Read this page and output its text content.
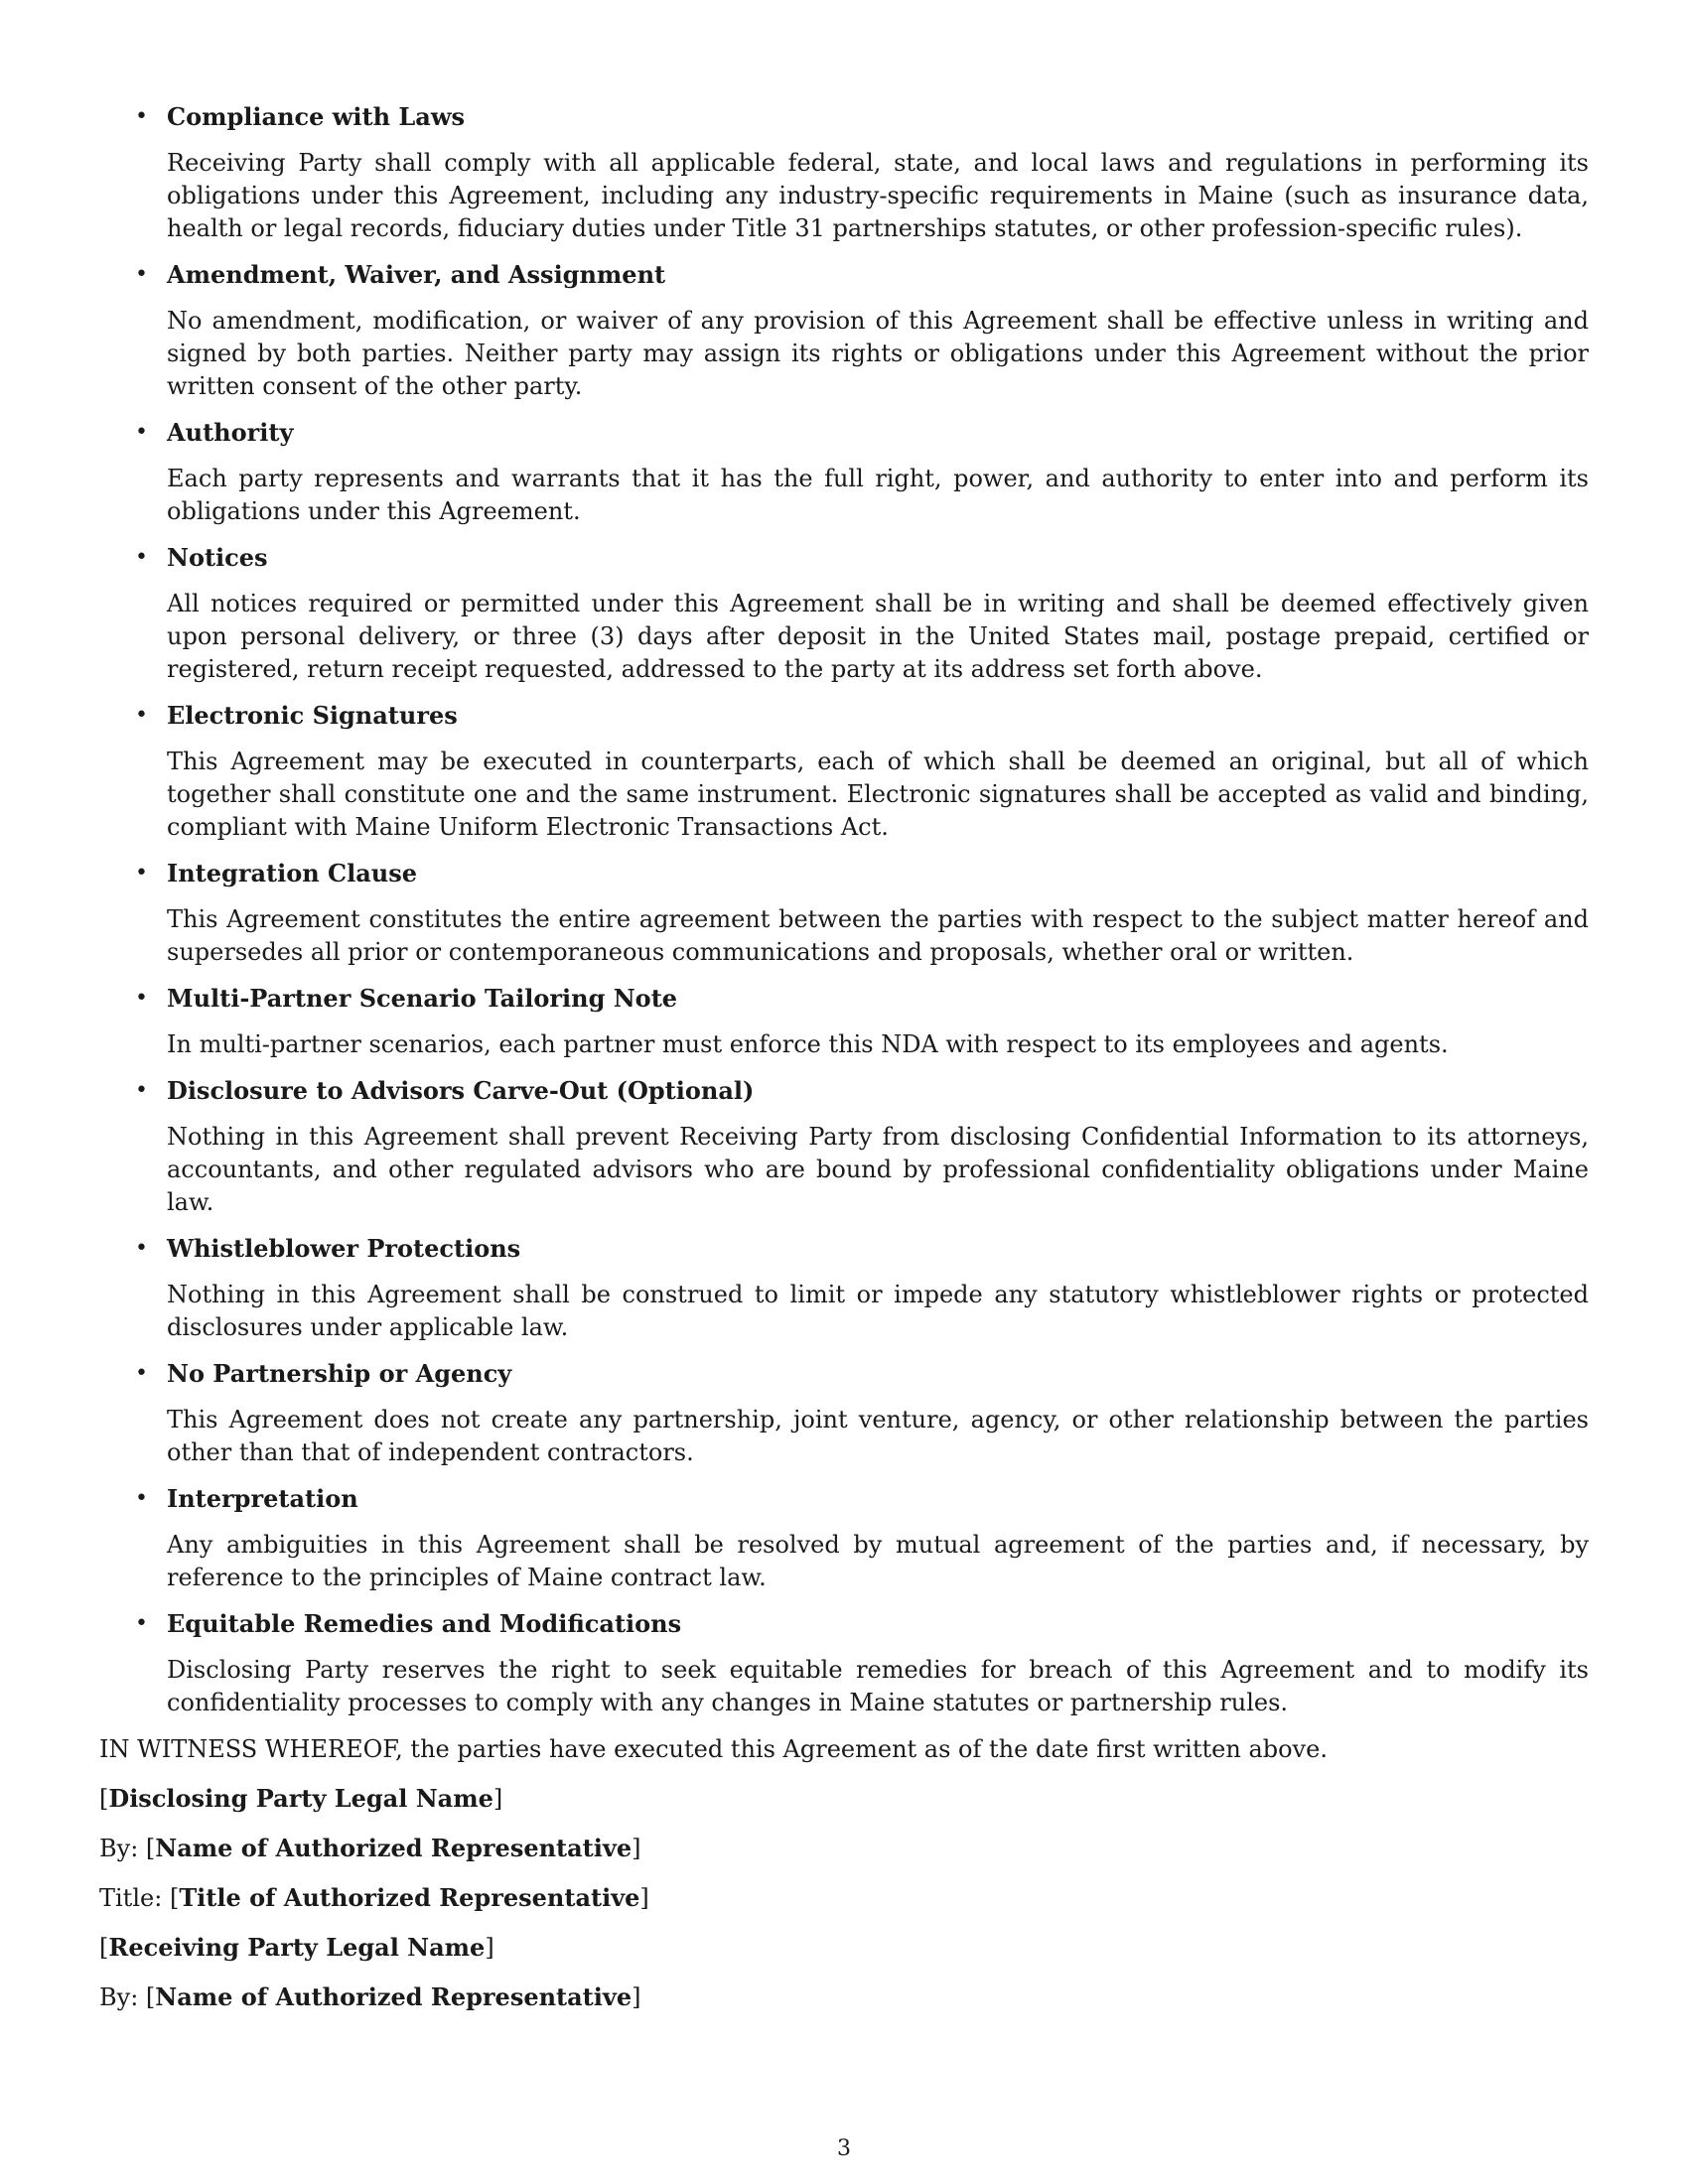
• Compliance with Laws

Receiving Party shall comply with all applicable federal, state, and local laws and regulations in performing its obligations under this Agreement, including any industry-specific requirements in Maine (such as insurance data, health or legal records, fiduciary duties under Title 31 partnerships statutes, or other profession-specific rules).

• Amendment, Waiver, and Assignment

No amendment, modification, or waiver of any provision of this Agreement shall be effective unless in writing and signed by both parties. Neither party may assign its rights or obligations under this Agreement without the prior written consent of the other party.

• Authority

Each party represents and warrants that it has the full right, power, and authority to enter into and perform its obligations under this Agreement.

• Notices

All notices required or permitted under this Agreement shall be in writing and shall be deemed effectively given upon personal delivery, or three (3) days after deposit in the United States mail, postage prepaid, certified or registered, return receipt requested, addressed to the party at its address set forth above.

• Electronic Signatures

This Agreement may be executed in counterparts, each of which shall be deemed an original, but all of which together shall constitute one and the same instrument. Electronic signatures shall be accepted as valid and binding, compliant with Maine Uniform Electronic Transactions Act.

• Integration Clause

This Agreement constitutes the entire agreement between the parties with respect to the subject matter hereof and supersedes all prior or contemporaneous communications and proposals, whether oral or written.

• Multi-Partner Scenario Tailoring Note

In multi-partner scenarios, each partner must enforce this NDA with respect to its employees and agents.

• Disclosure to Advisors Carve-Out (Optional)

Nothing in this Agreement shall prevent Receiving Party from disclosing Confidential Information to its attorneys, accountants, and other regulated advisors who are bound by professional confidentiality obligations under Maine law.

• Whistleblower Protections

Nothing in this Agreement shall be construed to limit or impede any statutory whistleblower rights or protected disclosures under applicable law.

• No Partnership or Agency

This Agreement does not create any partnership, joint venture, agency, or other relationship between the parties other than that of independent contractors.

• Interpretation

Any ambiguities in this Agreement shall be resolved by mutual agreement of the parties and, if necessary, by reference to the principles of Maine contract law.

• Equitable Remedies and Modifications

Disclosing Party reserves the right to seek equitable remedies for breach of this Agreement and to modify its confidentiality processes to comply with any changes in Maine statutes or partnership rules.

IN WITNESS WHEREOF, the parties have executed this Agreement as of the date first written above.

[Disclosing Party Legal Name]

By: [Name of Authorized Representative]

Title: [Title of Authorized Representative]

[Receiving Party Legal Name]

By: [Name of Authorized Representative]

3
